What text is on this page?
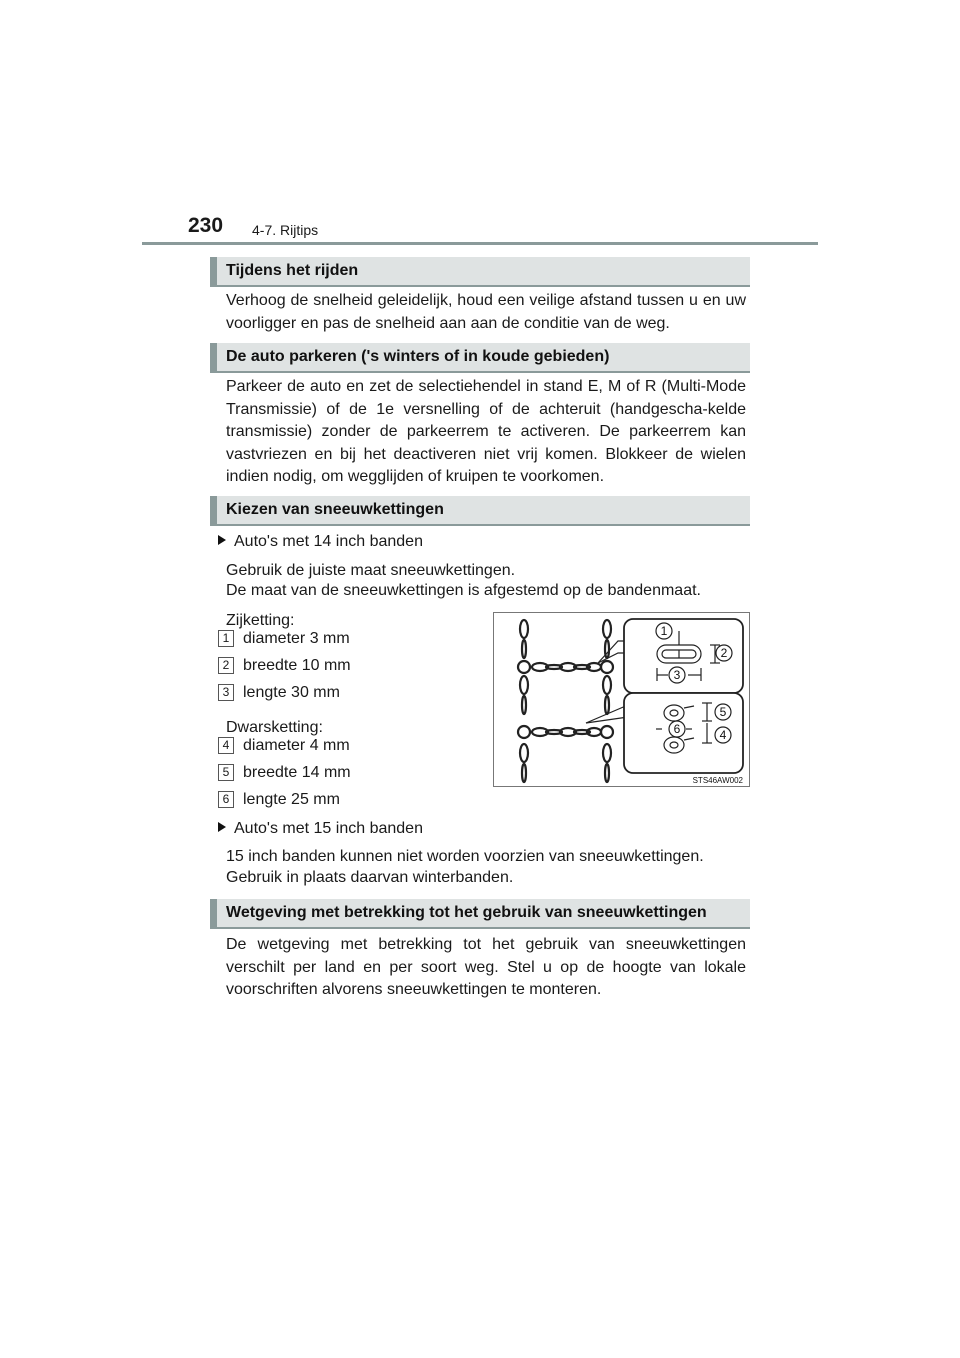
230 4-7. Rijtips
Tijdens het rijden

Verhoog de snelheid geleidelijk, houd een veilige afstand tussen u en uw voorligger en pas de snelheid aan aan de conditie van de weg.

De auto parkeren ('s winters of in koude gebieden)

Parkeer de auto en zet de selectiehendel in stand E, M of R (Multi-Mode Transmissie) of de 1e versnelling of de achteruit (handgescha-kelde transmissie) zonder de parkeerrem te activeren. De parkeerrem kan vastvriezen en bij het deactiveren niet vrij komen. Blokkeer de wielen indien nodig, om wegglijden of kruipen te voorkomen.

Kiezen van sneeuwkettingen
Auto's met 14 inch banden
Gebruik de juiste maat sneeuwkettingen.
De maat van de sneeuwkettingen is afgestemd op de bandenmaat.
Zijketting:
1 diameter 3 mm
2 breedte 10 mm
3 lengte 30 mm
Dwarsketting:
4 diameter 4 mm
5 breedte 14 mm
6 lengte 25 mm
1
2
3
5
6	4
STS46AW002
Auto's met 15 inch banden
15 inch banden kunnen niet worden voorzien van sneeuwkettingen.
Gebruik in plaats daarvan winterbanden.
Wetgeving met betrekking tot het gebruik van sneeuwkettingen

De wetgeving met betrekking tot het gebruik van sneeuwkettingen verschilt per land en per soort weg. Stel u op de hoogte van lokale voorschriften alvorens sneeuwkettingen te monteren.
